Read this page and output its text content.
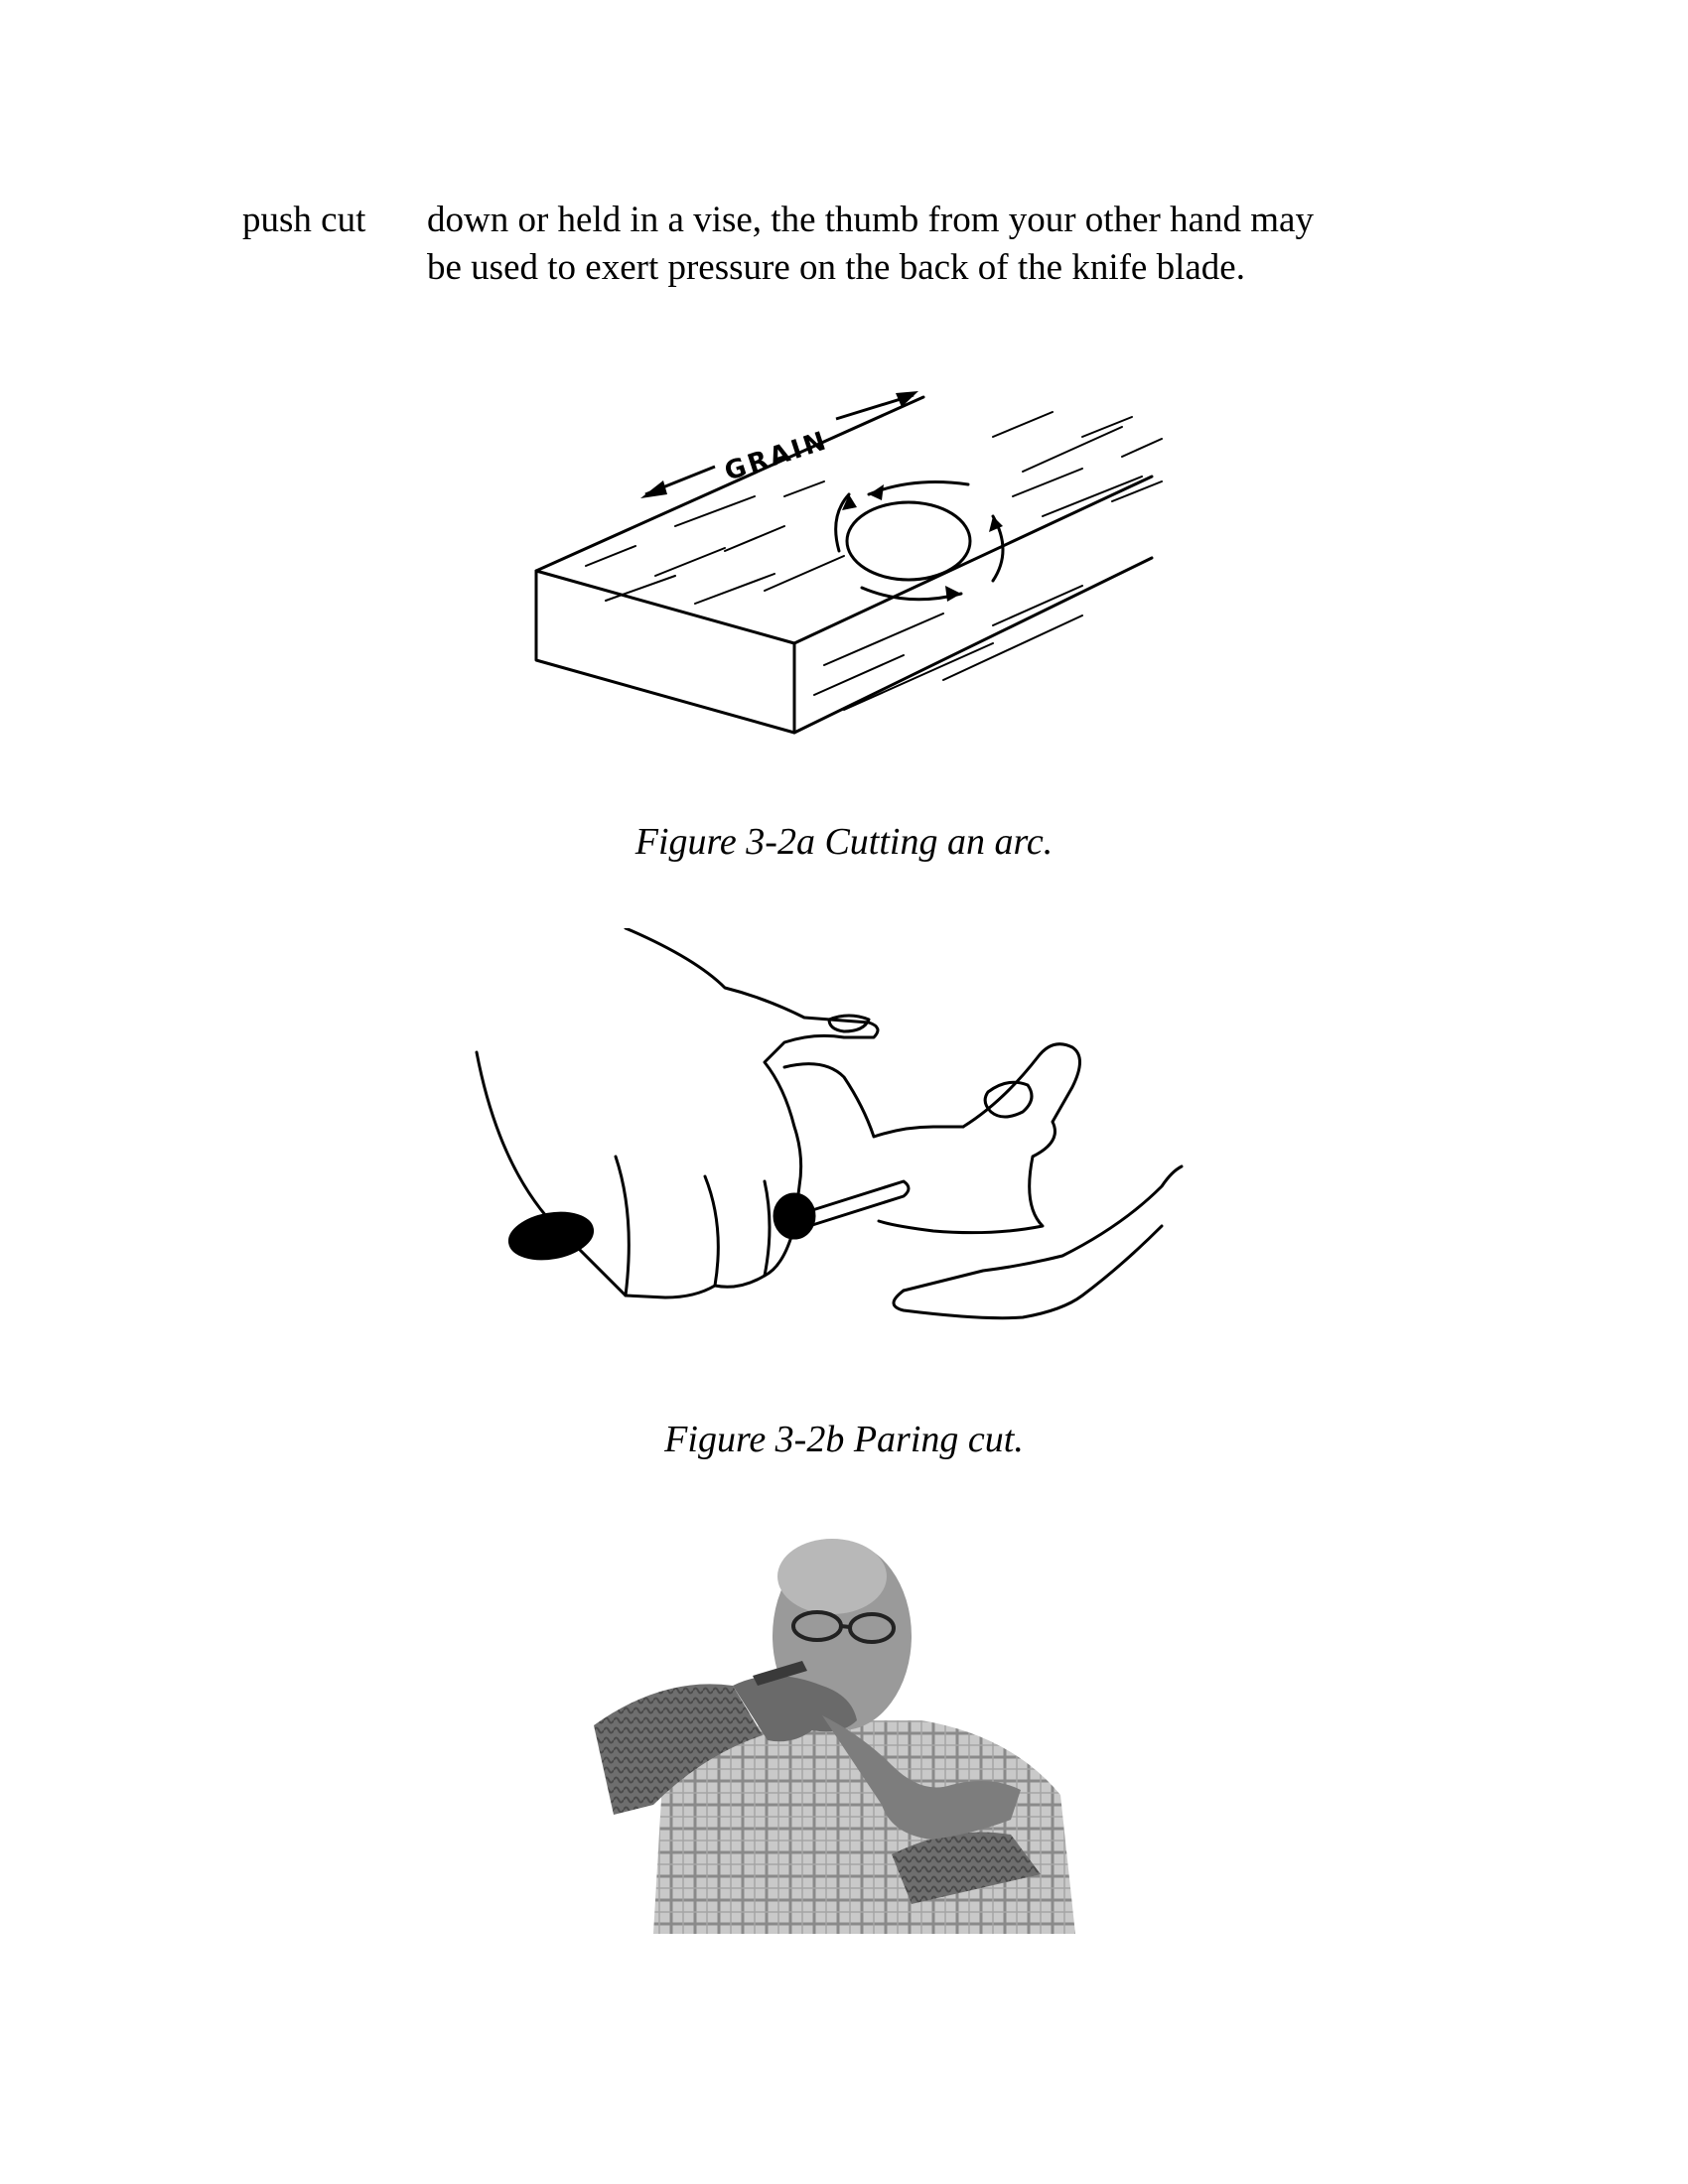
push cut down or held in a vise, the thumb from your other hand may
be used to exert pressure on the back of the knife blade.
GRAIN
Figure 3-2a Cutting an arc.
Figure 3-2b Paring cut.
